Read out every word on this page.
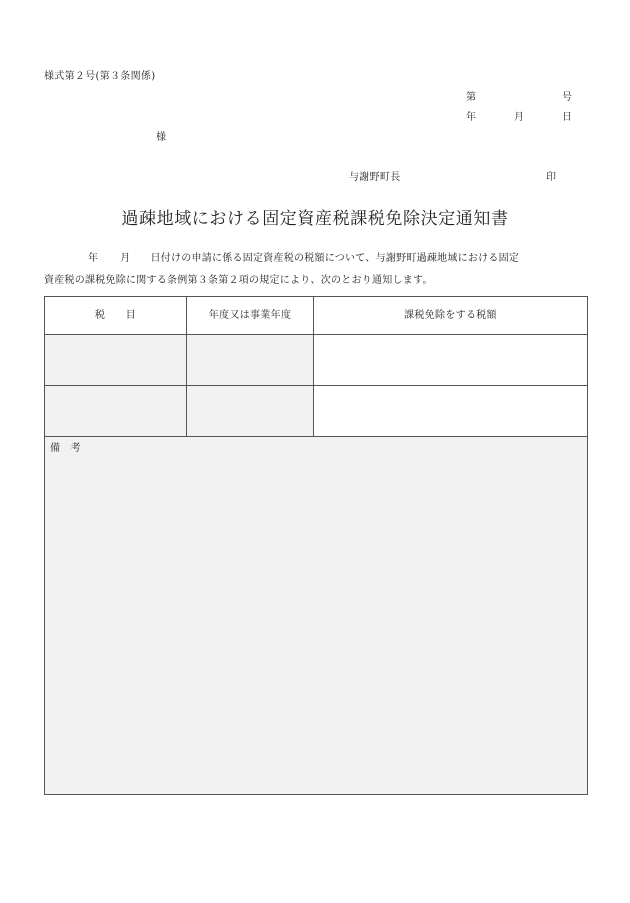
様式第２号(第３条関係)
第	号
年	月	日
様
与謝野町長	印
過疎地域における固定資産税課税免除決定通知書

年 月 日付けの申請に係る固定資産税の税額について、与謝野町過疎地域における固定

資産税の課税免除に関する条例第３条第２項の規定により、次のとおり通知します。

税　　目	年度又は事業年度	課税免除をする税額
備　考
